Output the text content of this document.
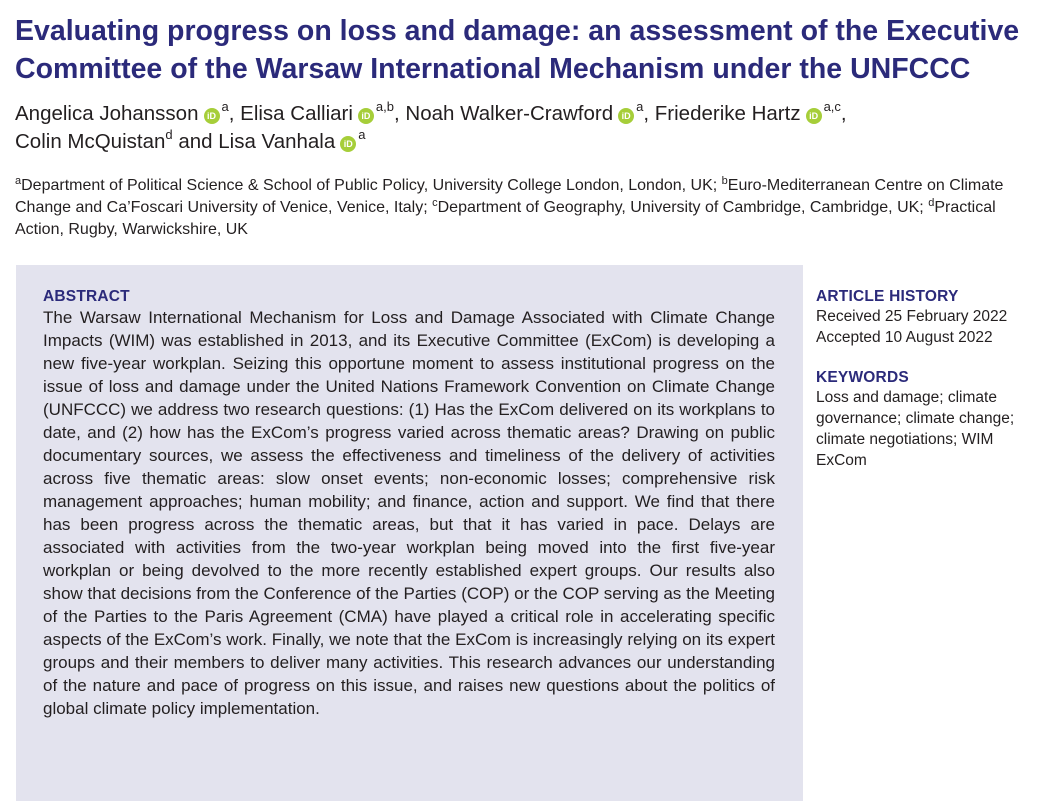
Evaluating progress on loss and damage: an assessment of the Executive Committee of the Warsaw International Mechanism under the UNFCCC
Angelica Johansson $iD^a$, Elisa Calliari iD$^{a,b}$, Noah Walker-Crawford $iD^a$, Friederike Hartz iD$^{a,c}$,
Colin McQuistan$^d$ and Lisa Vanhala $iD^a$
$^a$Department of Political Science & School of Public Policy, University College London, London, UK; $^b$Euro-Mediterranean Centre on Climate Change and Ca’Foscari University of Venice, Venice, Italy; $^c$Department of Geography, University of Cambridge, Cambridge, UK; $^d$Practical Action, Rugby, Warwickshire, UK
ABSTRACT

The Warsaw International Mechanism for Loss and Damage Associated with Climate Change Impacts (WIM) was established in 2013, and its Executive Committee (ExCom) is developing a new five-year workplan. Seizing this opportune moment to assess institutional progress on the issue of loss and damage under the United Nations Framework Convention on Climate Change (UNFCCC) we address two research questions: (1) Has the ExCom delivered on its workplans to date, and (2) how has the ExCom’s progress varied across thematic areas? Drawing on public documentary sources, we assess the effectiveness and timeliness of the delivery of activities across five thematic areas: slow onset events; non-economic losses; comprehensive risk management approaches; human mobility; and finance, action and support. We find that there has been progress across the thematic areas, but that it has varied in pace. Delays are associated with activities from the two-year workplan being moved into the first five-year workplan or being devolved to the more recently established expert groups. Our results also show that decisions from the Conference of the Parties (COP) or the COP serving as the Meeting of the Parties to the Paris Agreement (CMA) have played a critical role in accelerating specific aspects of the ExCom’s work. Finally, we note that the ExCom is increasingly relying on its expert groups and their members to deliver many activities. This research advances our understanding of the nature and pace of progress on this issue, and raises new questions about the politics of global climate policy implementation.

ARTICLE HISTORY
Received 25 February 2022
Accepted 10 August 2022
KEYWORDS

Loss and damage; climate governance; climate change; climate negotiations; WIM ExCom
